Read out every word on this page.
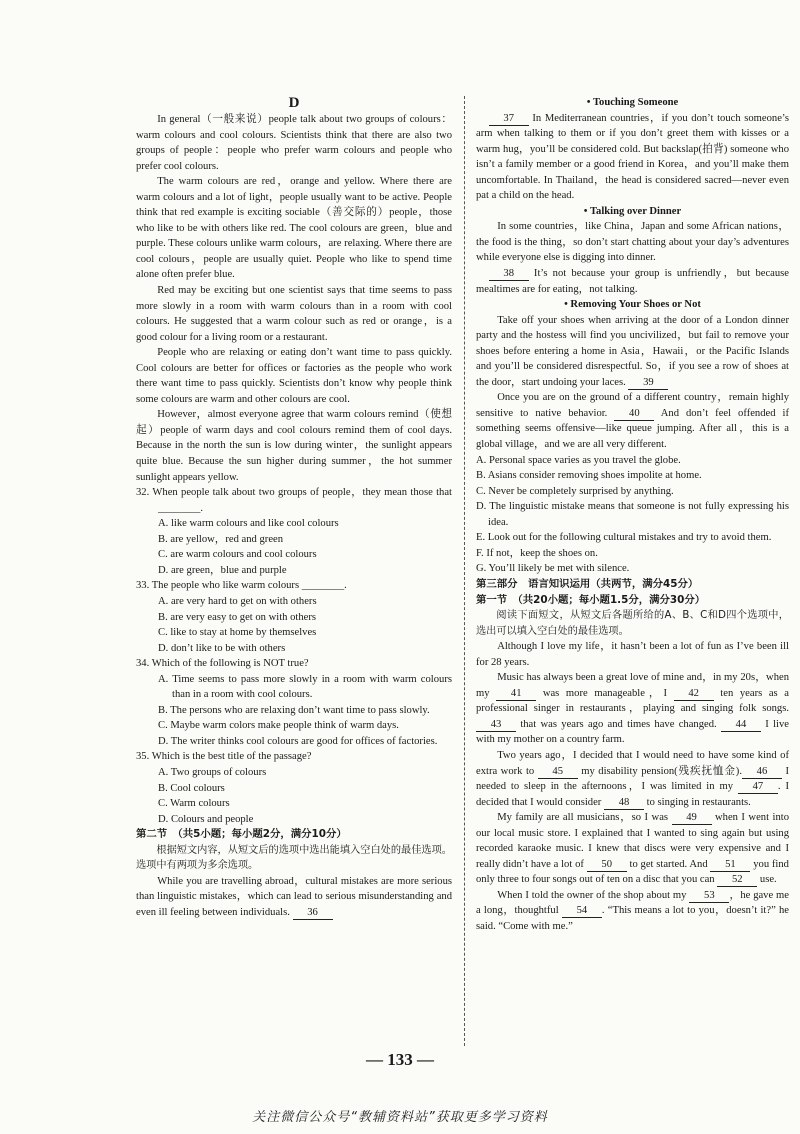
D

In general（一般来说）people talk about two groups of colours：warm colours and cool colours. Scientists think that there are also two groups of people：people who prefer warm colours and people who prefer cool colours.

The warm colours are red，orange and yellow. Where there are warm colours and a lot of light，people usually want to be active. People think that red example is exciting sociable（善交际的）people，those who like to be with others like red. The cool colours are green，blue and purple. These colours unlike warm colours，are relaxing. Where there are cool colours，people are usually quiet. People who like to spend time alone often prefer blue.

Red may be exciting but one scientist says that time seems to pass more slowly in a room with warm colours than in a room with cool colours. He suggested that a warm colour such as red or orange，is a good colour for a living room or a restaurant.

People who are relaxing or eating don’t want time to pass quickly. Cool colours are better for offices or factories as the people who work there want time to pass quickly. Scientists don’t know why people think some colours are warm and other colours are cool.

However，almost everyone agree that warm colours remind（使想起）people of warm days and cool colours remind them of cool days. Because in the north the sun is low during winter，the sunlight appears quite blue. Because the sun higher during summer，the hot summer sunlight appears yellow.

32. When people talk about two groups of people，they mean those that ________.

A. like warm colours and like cool colours

B. are yellow，red and green

C. are warm colours and cool colours

D. are green，blue and purple

33. The people who like warm colours ________.

A. are very hard to get on with others

B. are very easy to get on with others

C. like to stay at home by themselves

D. don’t like to be with others

34. Which of the following is NOT true?

A. Time seems to pass more slowly in a room with warm colours than in a room with cool colours.

B. The persons who are relaxing don’t want time to pass slowly.

C. Maybe warm colors make people think of warm days.

D. The writer thinks cool colours are good for offices of factories.

35. Which is the best title of the passage?

A. Two groups of colours

B. Cool colours

C. Warm colours

D. Colours and people

第二节　（共5小题；每小题2分，满分10分）

根据短文内容，从短文后的选项中选出能填入空白处的最佳选项。选项中有两项为多余选项。

While you are travelling abroad，cultural mistakes are more serious than linguistic mistakes，which can lead to serious misunderstanding and even ill feeling between individuals. 36

• Touching Someone

37 In Mediterranean countries，if you don’t touch someone’s arm when talking to them or if you don’t greet them with kisses or a warm hug，you’ll be considered cold. But backslap(拍背) someone who isn’t a family member or a good friend in Korea，and you’ll make them uncomfortable. In Thailand，the head is considered sacred—never even pat a child on the head.

• Talking over Dinner

In some countries，like China，Japan and some African nations，the food is the thing，so don’t start chatting about your day’s adventures while everyone else is digging into dinner.

38 It’s not because your group is unfriendly，but because mealtimes are for eating，not talking.

• Removing Your Shoes or Not

Take off your shoes when arriving at the door of a London dinner party and the hostess will find you uncivilized，but fail to remove your shoes before entering a home in Asia，Hawaii，or the Pacific Islands and you’ll be considered disrespectful. So，if you see a row of shoes at the door，start undoing your laces. 39

Once you are on the ground of a different country，remain highly sensitive to native behavior. 40 And don’t feel offended if something seems offensive—like queue jumping. After all，this is a global village，and we are all very different.

A. Personal space varies as you travel the globe.

B. Asians consider removing shoes impolite at home.

C. Never be completely surprised by anything.

D. The linguistic mistake means that someone is not fully expressing his idea.

E. Look out for the following cultural mistakes and try to avoid them.

F. If not，keep the shoes on.

G. You’ll likely be met with silence.

第三部分　语言知识运用（共两节，满分45分）

第一节　（共20小题；每小题1.5分，满分30分）

阅读下面短文，从短文后各题所给的A、B、C和D四个选项中，选出可以填入空白处的最佳选项。

Although I love my life，it hasn’t been a lot of fun as I’ve been ill for 28 years.

Music has always been a great love of mine and，in my 20s，when my 41 was more manageable，I 42 ten years as a professional singer in restaurants，playing and singing folk songs. 43 that was years ago and times have changed. 44 I live with my mother on a country farm.

Two years ago，I decided that I would need to have some kind of extra work to 45 my disability pension(残疾抚恤金). 46 I needed to sleep in the afternoons，I was limited in my 47 . I decided that I would consider 48 to singing in restaurants.

My family are all musicians，so I was 49 when I went into our local music store. I explained that I wanted to sing again but using recorded karaoke music. I knew that discs were very expensive and I really didn’t have a lot of 50 to get started. And 51 you find only three to four songs out of ten on a disc that you can 52 use.

When I told the owner of the shop about my 53 ，he gave me a long，thoughtful 54 . “This means a lot to you，doesn’t it?” he said. “Come with me.”

— 133 —
关注微信公众号“教辅资料站”获取更多学习资料
